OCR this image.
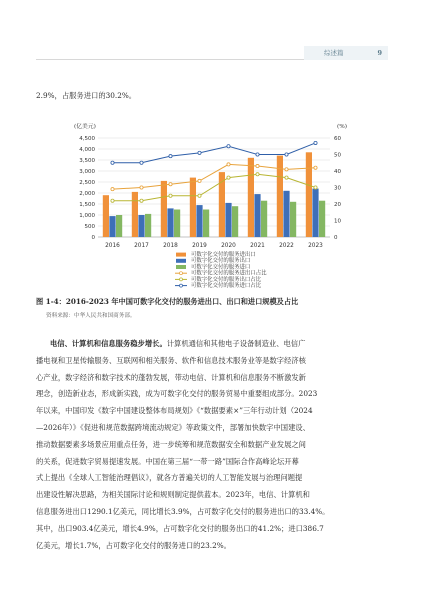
综述篇	9

2.9%，占服务进口的30.2%。

0
500
1,000
1,500
2,000
2,500
3,000
3,500
4,000
4,500
0
10
20
30
40
50
60
(亿美元)	(%)
2016 2017 2018 2019 2020 2021 2022 2023
可数字化交付的服务进出口
可数字化交付的服务出口
可数字化交付的服务进口
可数字化交付的服务进出口占比
可数字化交付的服务出口占比
可数字化交付的服务进口占比

图 1-4：2016-2023 年中国可数字化交付的服务进出口、出口和进口规模及占比

资料来源：中华人民共和国商务部。

电信、计算机和信息服务稳步增长。计算机通信和其他电子设备制造业、电信广
播电视和卫星传输服务、互联网和相关服务、软件和信息技术服务业等是数字经济核
心产业，数字经济和数字技术的蓬勃发展，带动电信、计算机和信息服务不断激发新
理念，创造新业态，形成新实践，成为可数字化交付的服务贸易中重要组成部分。2023
年以来，中国印发《数字中国建设整体布局规划》《“数据要素×”三年行动计划（2024
—2026年）》《促进和规范数据跨境流动规定》等政策文件，部署加快数字中国建设、
推动数据要素多场景应用重点任务，进一步统筹和规范数据安全和数据产业发展之间
的关系，促进数字贸易提速发展。中国在第三届“一带一路”国际合作高峰论坛开幕
式上提出《全球人工智能治理倡议》，就各方普遍关切的人工智能发展与治理问题提
出建设性解决思路，为相关国际讨论和规则制定提供蓝本。2023年，电信、计算机和
信息服务进出口1290.1亿美元，同比增长3.9%，占可数字化交付的服务进出口的33.4%。
其中，出口903.4亿美元，增长4.9%，占可数字化交付的服务出口的41.2%；进口386.7
亿美元，增长1.7%，占可数字化交付的服务进口的23.2%。
